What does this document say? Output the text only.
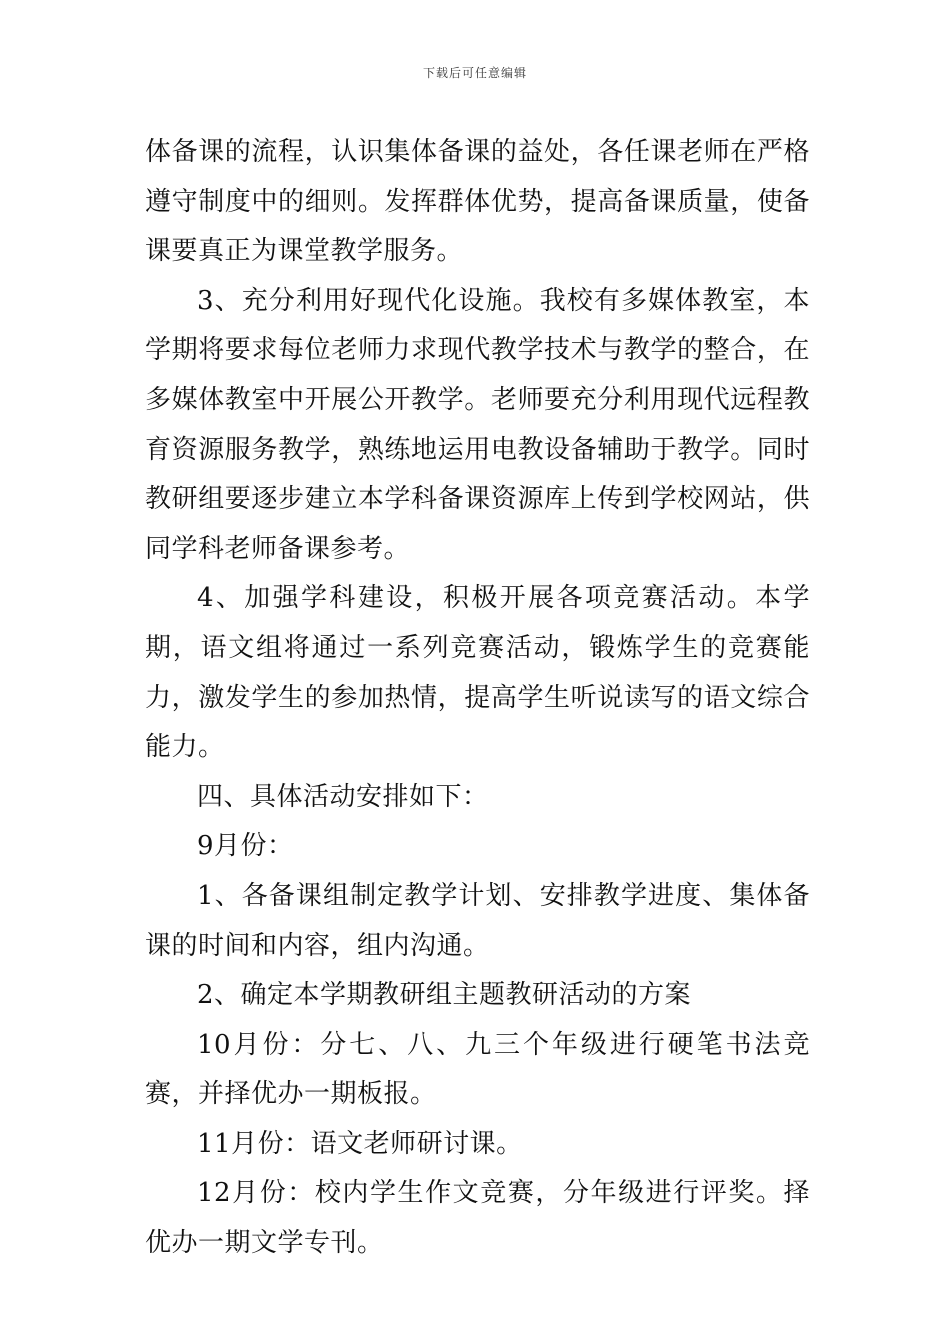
下载后可任意编辑

体备课的流程，认识集体备课的益处，各任课老师在严格遵守制度中的细则。发挥群体优势，提高备课质量，使备课要真正为课堂教学服务。

3、充分利用好现代化设施。我校有多媒体教室，本学期将要求每位老师力求现代教学技术与教学的整合，在多媒体教室中开展公开教学。老师要充分利用现代远程教育资源服务教学，熟练地运用电教设备辅助于教学。同时教研组要逐步建立本学科备课资源库上传到学校网站，供同学科老师备课参考。

4、加强学科建设，积极开展各项竞赛活动。本学期，语文组将通过一系列竞赛活动，锻炼学生的竞赛能力，激发学生的参加热情，提高学生听说读写的语文综合能力。

四、具体活动安排如下：

9月份：

1、各备课组制定教学计划、安排教学进度、集体备课的时间和内容，组内沟通。

2、确定本学期教研组主题教研活动的方案

10月份：分七、八、九三个年级进行硬笔书法竞赛，并择优办一期板报。

11月份：语文老师研讨课。

12月份：校内学生作文竞赛，分年级进行评奖。择优办一期文学专刊。
